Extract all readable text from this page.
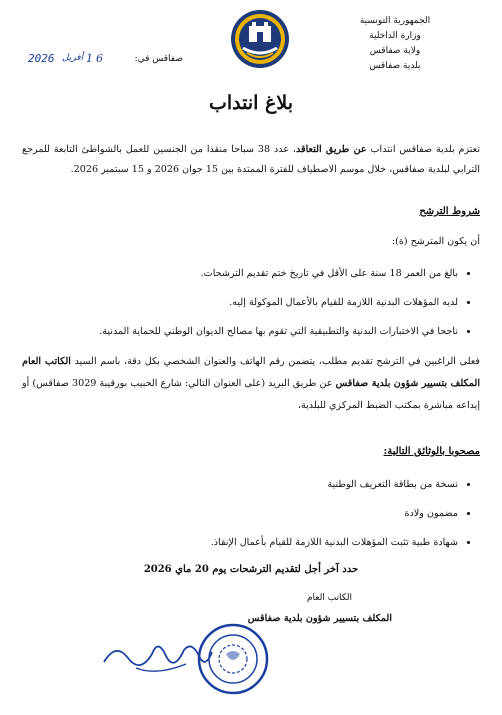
الجمهورية التونسية
وزارة الداخلية
ولاية صفاقس
بلدية صفاقس
صفاقس في:
16
أفريل
2026
بلاغ انتداب
تعتزم بلدية صفاقس انتداب عن طريق التعاقد، عدد 38 سباحا منقذا من الجنسين للعمل بالشواطئ التابعة للمرجع الترابي لبلدية صفاقس، خلال موسم الاصطياف للفترة الممتدة بين 15 جوان 2026 و 15 سبتمبر 2026.
شروط الترشح
أن يكون المترشح (ة):
• بالغ من العمر 18 سنة على الأقل في تاريخ ختم تقديم الترشحات.
• لديه المؤهلات البدنية اللازمة للقيام بالأعمال الموكولة إليه.
• ناجحا في الاختبارات البدنية والتطبيقية التي تقوم بها مصالح الديوان الوطني للحماية المدنية.
فعلى الراغبين في الترشح تقديم مطلب، يتضمن رقم الهاتف والعنوان الشخصي بكل دقة، باسم السيد الكاتب العام المكلف بتسيير شؤون بلدية صفاقس عن طريق البريد (على العنوان التالي: شارع الحبيب بورقيبة 3029 صفاقس) أو إيداعه مباشرة بمكتب الضبط المركزي للبلدية،
مصحوبا بالوثائق التالية:
• نسخة من بطاقة التعريف الوطنية
• مضمون ولادة
• شهادة طبية تثبت المؤهلات البدنية اللازمة للقيام بأعمال الإنقاذ.
حدد آخر أجل لتقديم الترشحات يوم 20 ماي 2026
الكاتب العام
المكلف بتسيير شؤون بلدية صفاقس
